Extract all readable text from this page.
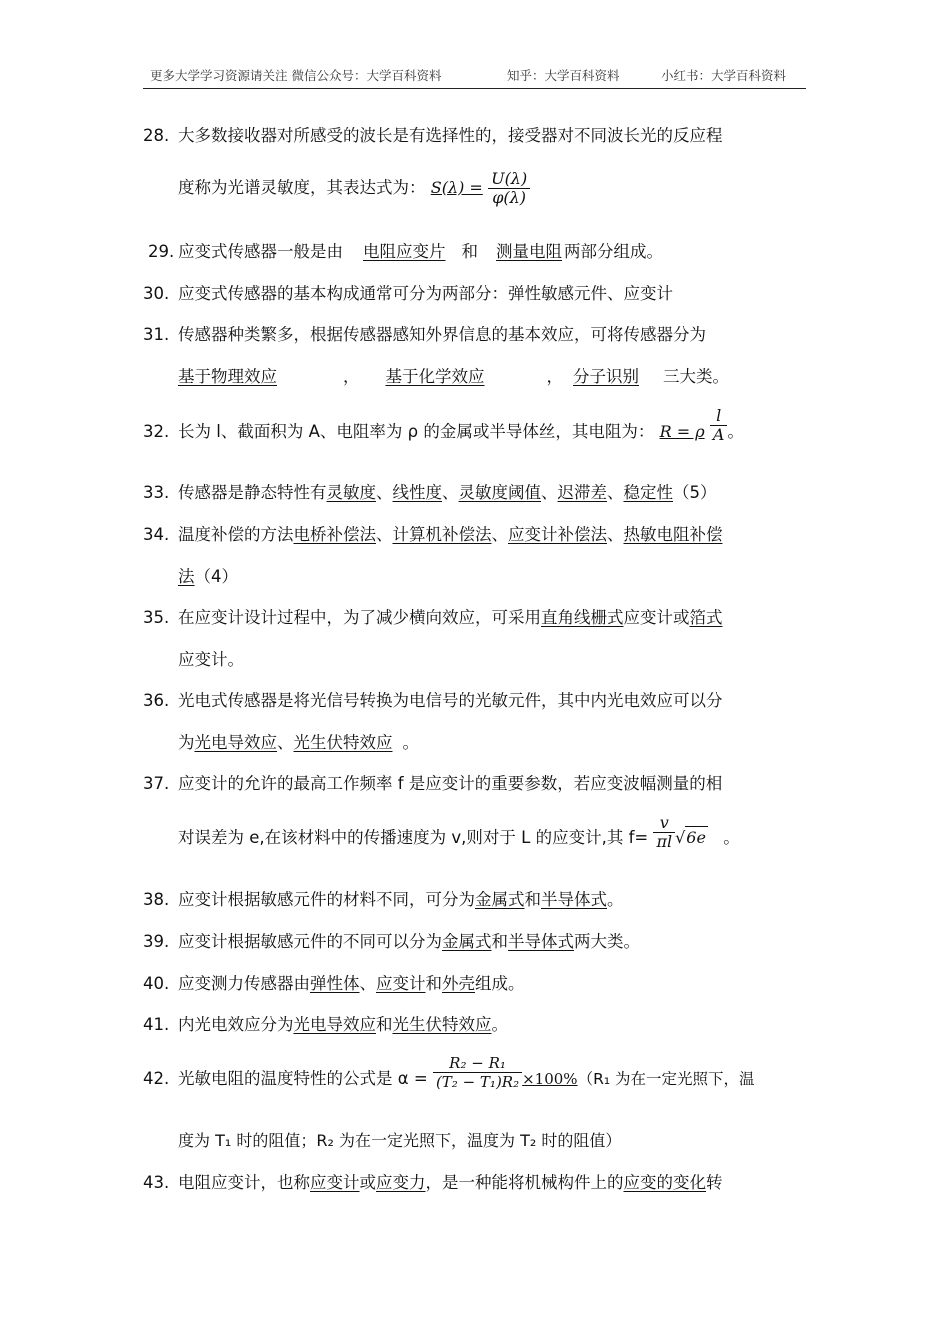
更多大学学习资源请关注 微信公众号：大学百科资料	知乎：大学百科资料	小红书：大学百科资料
28. 大多数接收器对所感受的波长是有选择性的，接受器对不同波长光的反应程
度称为光谱灵敏度，其表达式为： $S(\lambda) = \frac{U(\lambda)}{\varphi(\lambda)}$
29. 应变式传感器一般是由 电阻应变片 和 测量电阻 两部分组成。
30. 应变式传感器的基本构成通常可分为两部分：弹性敏感元件、应变计
31. 传感器种类繁多，根据传感器感知外界信息的基本效应，可将传感器分为
基于物理效应	， 基于化学效应	， 分子识别 三大类。
32. 长为 l、截面积为 A、电阻率为 ρ 的金属或半导体丝，其电阻为： R = ρ $\frac{l}{A}$ 。
33. 传感器是静态特性有灵敏度、线性度、灵敏度阈值、迟滞差、稳定性（5）
34. 温度补偿的方法电桥补偿法、计算机补偿法、应变计补偿法、热敏电阻补偿
法（4）
35. 在应变计设计过程中，为了减少横向效应，可采用直角线栅式应变计或箔式
应变计。
36. 光电式传感器是将光信号转换为电信号的光敏元件，其中内光电效应可以分
为光电导效应、光生伏特效应 。
37. 应变计的允许的最高工作频率 f 是应变计的重要参数，若应变波幅测量的相
对误差为 e,在该材料中的传播速度为 v,则对于 L 的应变计,其 $f= \frac{v}{\pi l} √6e$ 。
38. 应变计根据敏感元件的材料不同，可分为金属式和半导体式。
39. 应变计根据敏感元件的不同可以分为金属式和半导体式两大类。
40. 应变测力传感器由弹性体、应变计和外壳组成。
41. 内光电效应分为光电导效应和光生伏特效应。
42. 光敏电阻的温度特性的公式是 $\alpha = \frac{\text{R₂ − R₁}}{\text{(T₂ − T₁)R₂}} \times 100\%(R_1$ 为在一定光照下，温
度为 T₁ 时的阻值；R₂ 为在一定光照下，温度为 T₂ 时的阻值）
43. 电阻应变计，也称应变计或应变力，是一种能将机械构件上的应变的变化转
